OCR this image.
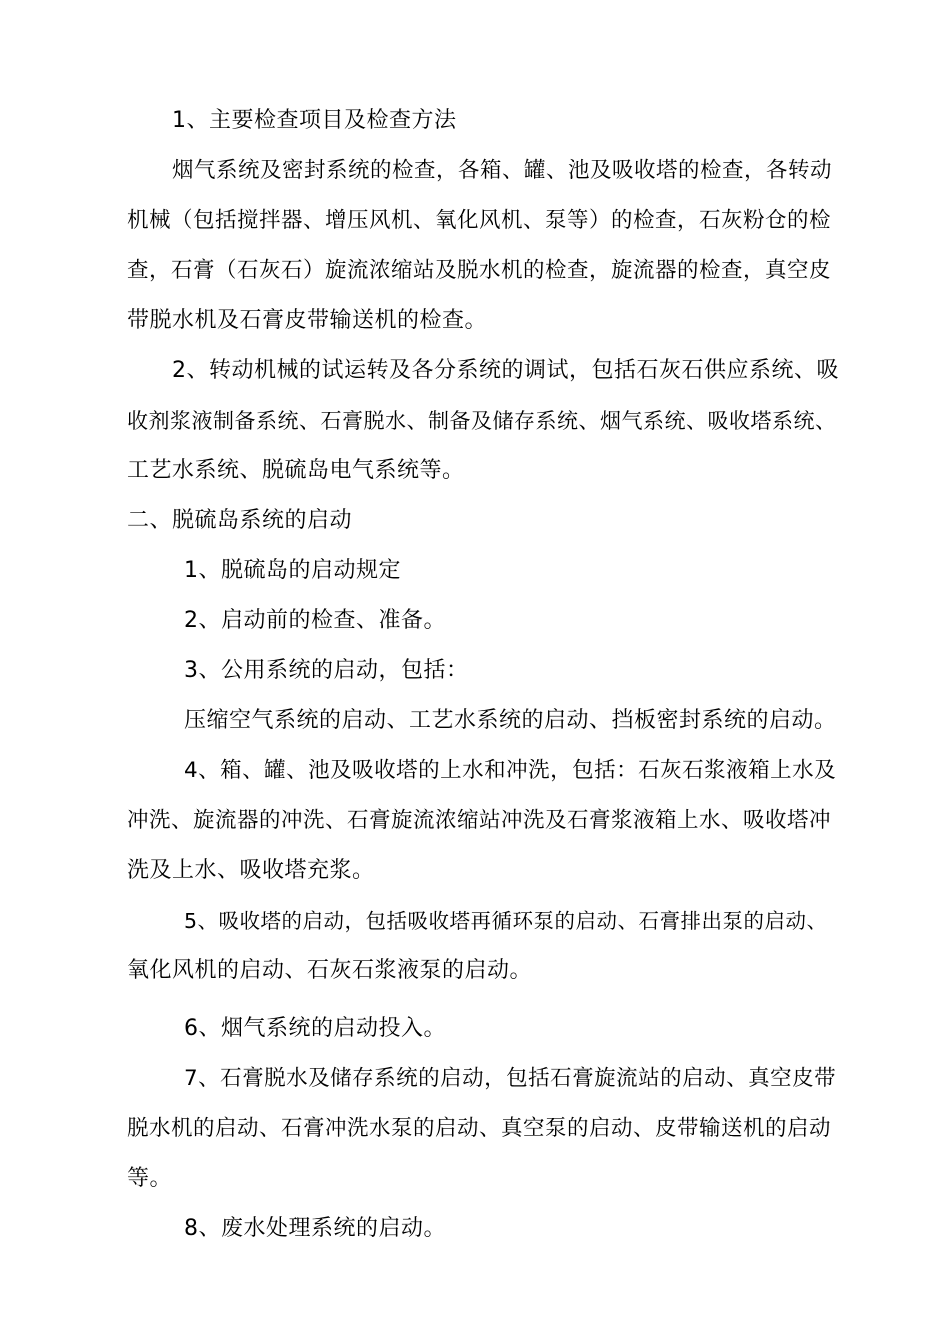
1、主要检查项目及检查方法
烟气系统及密封系统的检查，各箱、罐、池及吸收塔的检查，各转动
机械（包括搅拌器、增压风机、氧化风机、泵等）的检查，石灰粉仓的检
查，石膏（石灰石）旋流浓缩站及脱水机的检查，旋流器的检查，真空皮
带脱水机及石膏皮带输送机的检查。
2、转动机械的试运转及各分系统的调试，包括石灰石供应系统、吸
收剂浆液制备系统、石膏脱水、制备及储存系统、烟气系统、吸收塔系统、
工艺水系统、脱硫岛电气系统等。
二、脱硫岛系统的启动
1、脱硫岛的启动规定
2、启动前的检查、准备。
3、公用系统的启动，包括：
压缩空气系统的启动、工艺水系统的启动、挡板密封系统的启动。
4、箱、罐、池及吸收塔的上水和冲洗，包括：石灰石浆液箱上水及
冲洗、旋流器的冲洗、石膏旋流浓缩站冲洗及石膏浆液箱上水、吸收塔冲
洗及上水、吸收塔充浆。
5、吸收塔的启动，包括吸收塔再循环泵的启动、石膏排出泵的启动、
氧化风机的启动、石灰石浆液泵的启动。
6、烟气系统的启动投入。
7、石膏脱水及储存系统的启动，包括石膏旋流站的启动、真空皮带
脱水机的启动、石膏冲洗水泵的启动、真空泵的启动、皮带输送机的启动
等。
8、废水处理系统的启动。
